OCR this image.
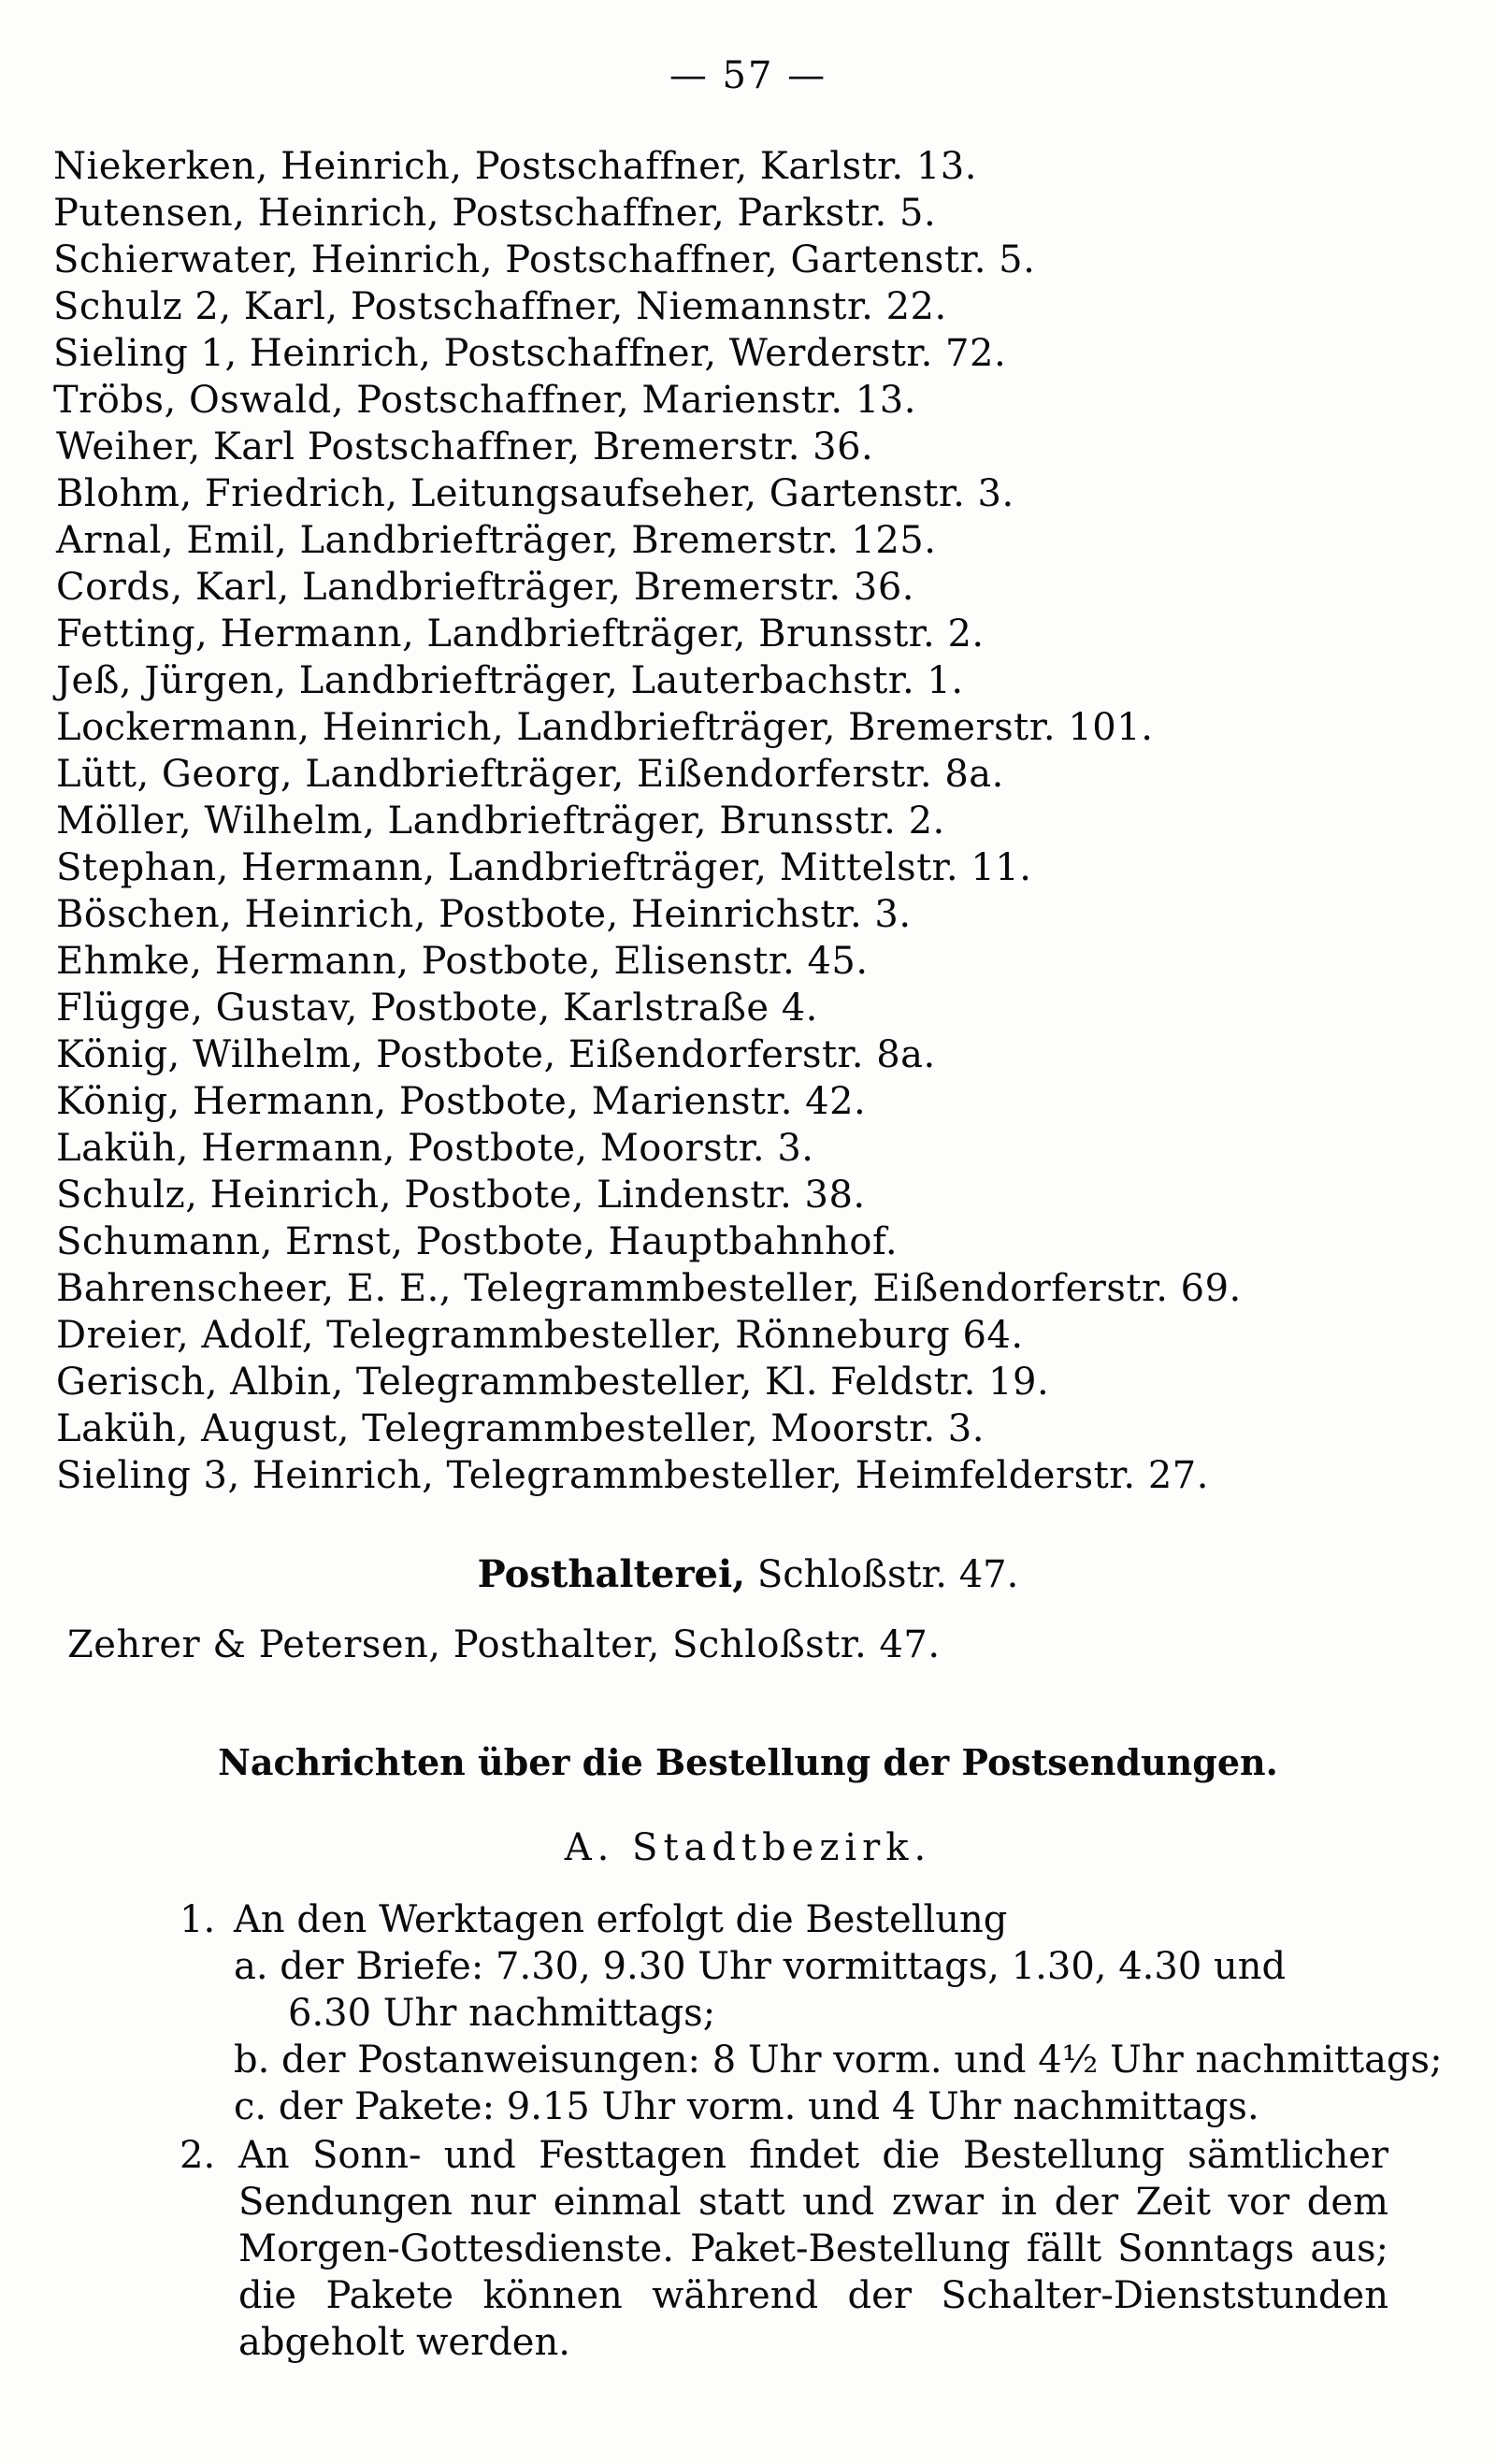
— 57 —
Niekerken, Heinrich, Postschaffner, Karlstr. 13.
Putensen, Heinrich, Postschaffner, Parkstr. 5.
Schierwater, Heinrich, Postschaffner, Gartenstr. 5.
Schulz 2, Karl, Postschaffner, Niemannstr. 22.
Sieling 1, Heinrich, Postschaffner, Werderstr. 72.
Tröbs, Oswald, Postschaffner, Marienstr. 13.
Weiher, Karl Postschaffner, Bremerstr. 36.
Blohm, Friedrich, Leitungsaufseher, Gartenstr. 3.
Arnal, Emil, Landbriefträger, Bremerstr. 125.
Cords, Karl, Landbriefträger, Bremerstr. 36.
Fetting, Hermann, Landbriefträger, Brunsstr. 2.
Jeß, Jürgen, Landbriefträger, Lauterbachstr. 1.
Lockermann, Heinrich, Landbriefträger, Bremerstr. 101.
Lütt, Georg, Landbriefträger, Eißendorferstr. 8a.
Möller, Wilhelm, Landbriefträger, Brunsstr. 2.
Stephan, Hermann, Landbriefträger, Mittelstr. 11.
Böschen, Heinrich, Postbote, Heinrichstr. 3.
Ehmke, Hermann, Postbote, Elisenstr. 45.
Flügge, Gustav, Postbote, Karlstraße 4.
König, Wilhelm, Postbote, Eißendorferstr. 8a.
König, Hermann, Postbote, Marienstr. 42.
Laküh, Hermann, Postbote, Moorstr. 3.
Schulz, Heinrich, Postbote, Lindenstr. 38.
Schumann, Ernst, Postbote, Hauptbahnhof.
Bahrenscheer, E. E., Telegrammbesteller, Eißendorferstr. 69.
Dreier, Adolf, Telegrammbesteller, Rönneburg 64.
Gerisch, Albin, Telegrammbesteller, Kl. Feldstr. 19.
Laküh, August, Telegrammbesteller, Moorstr. 3.
Sieling 3, Heinrich, Telegrammbesteller, Heimfelderstr. 27.
Posthalterei, Schloßstr. 47.
Zehrer & Petersen, Posthalter, Schloßstr. 47.
Nachrichten über die Bestellung der Postsendungen.
A. Stadtbezirk.
1. An den Werktagen erfolgt die Bestellung
a. der Briefe: 7.30, 9.30 Uhr vormittags, 1.30, 4.30 und
6.30 Uhr nachmittags;
b. der Postanweisungen: 8 Uhr vorm. und 4½ Uhr nachmittags;
c. der Pakete: 9.15 Uhr vorm. und 4 Uhr nachmittags.
2. An Sonn- und Festtagen findet die Bestellung sämtlicher Sendungen nur einmal statt und zwar in der Zeit vor dem Morgen-Gottesdienste. Paket-Bestellung fällt Sonntags aus; die Pakete können während der Schalter-Dienststunden abgeholt werden.
